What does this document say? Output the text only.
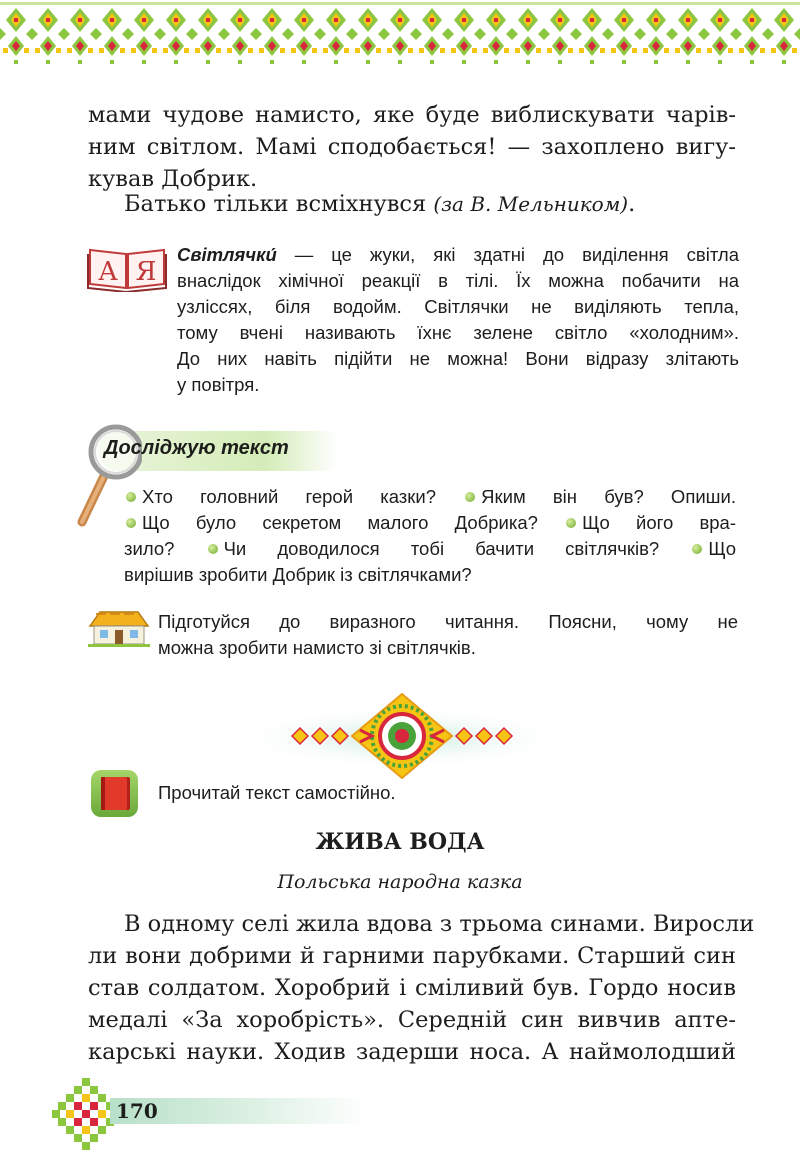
мами чудове намисто, яке буде виблискувати чарів-
ним світлом. Мамі сподобається! — захоплено вигу-
кував Добрик.
Батько тільки всміхнувся (за В. Мельником).
А Я
Світлячки́ — це жуки, які здатні до виділення світла
внаслідок хімічної реакції в тілі. Їх можна побачити на
узліссях, біля водойм. Світлячки не виділяють тепла,
тому вчені називають їхнє зелене світло «холодним».
До них навіть підійти не можна! Вони відразу злітають
у повітря.
Досліджую текст
Хто головний герой казки? Яким він був? Опиши.
Що було секретом малого Добрика? Що його вра-
зило?	Чи доводилося тобі бачити світлячків?	Що
вирішив зробити Добрик із світлячками?
Підготуйся до виразного читання. Поясни, чому не
можна зробити намисто зі світлячків.
Прочитай текст самостійно.
ЖИВА ВОДА
Польська народна казка
В одному селі жила вдова з трьома синами. Виросли
ли вони добрими й гарними парубками. Старший син
став солдатом. Хоробрий і сміливий був. Гордо носив
медалі «За хоробрість». Середній син вивчив апте-
карські науки. Ходив задерши носа. А наймолодший
170
